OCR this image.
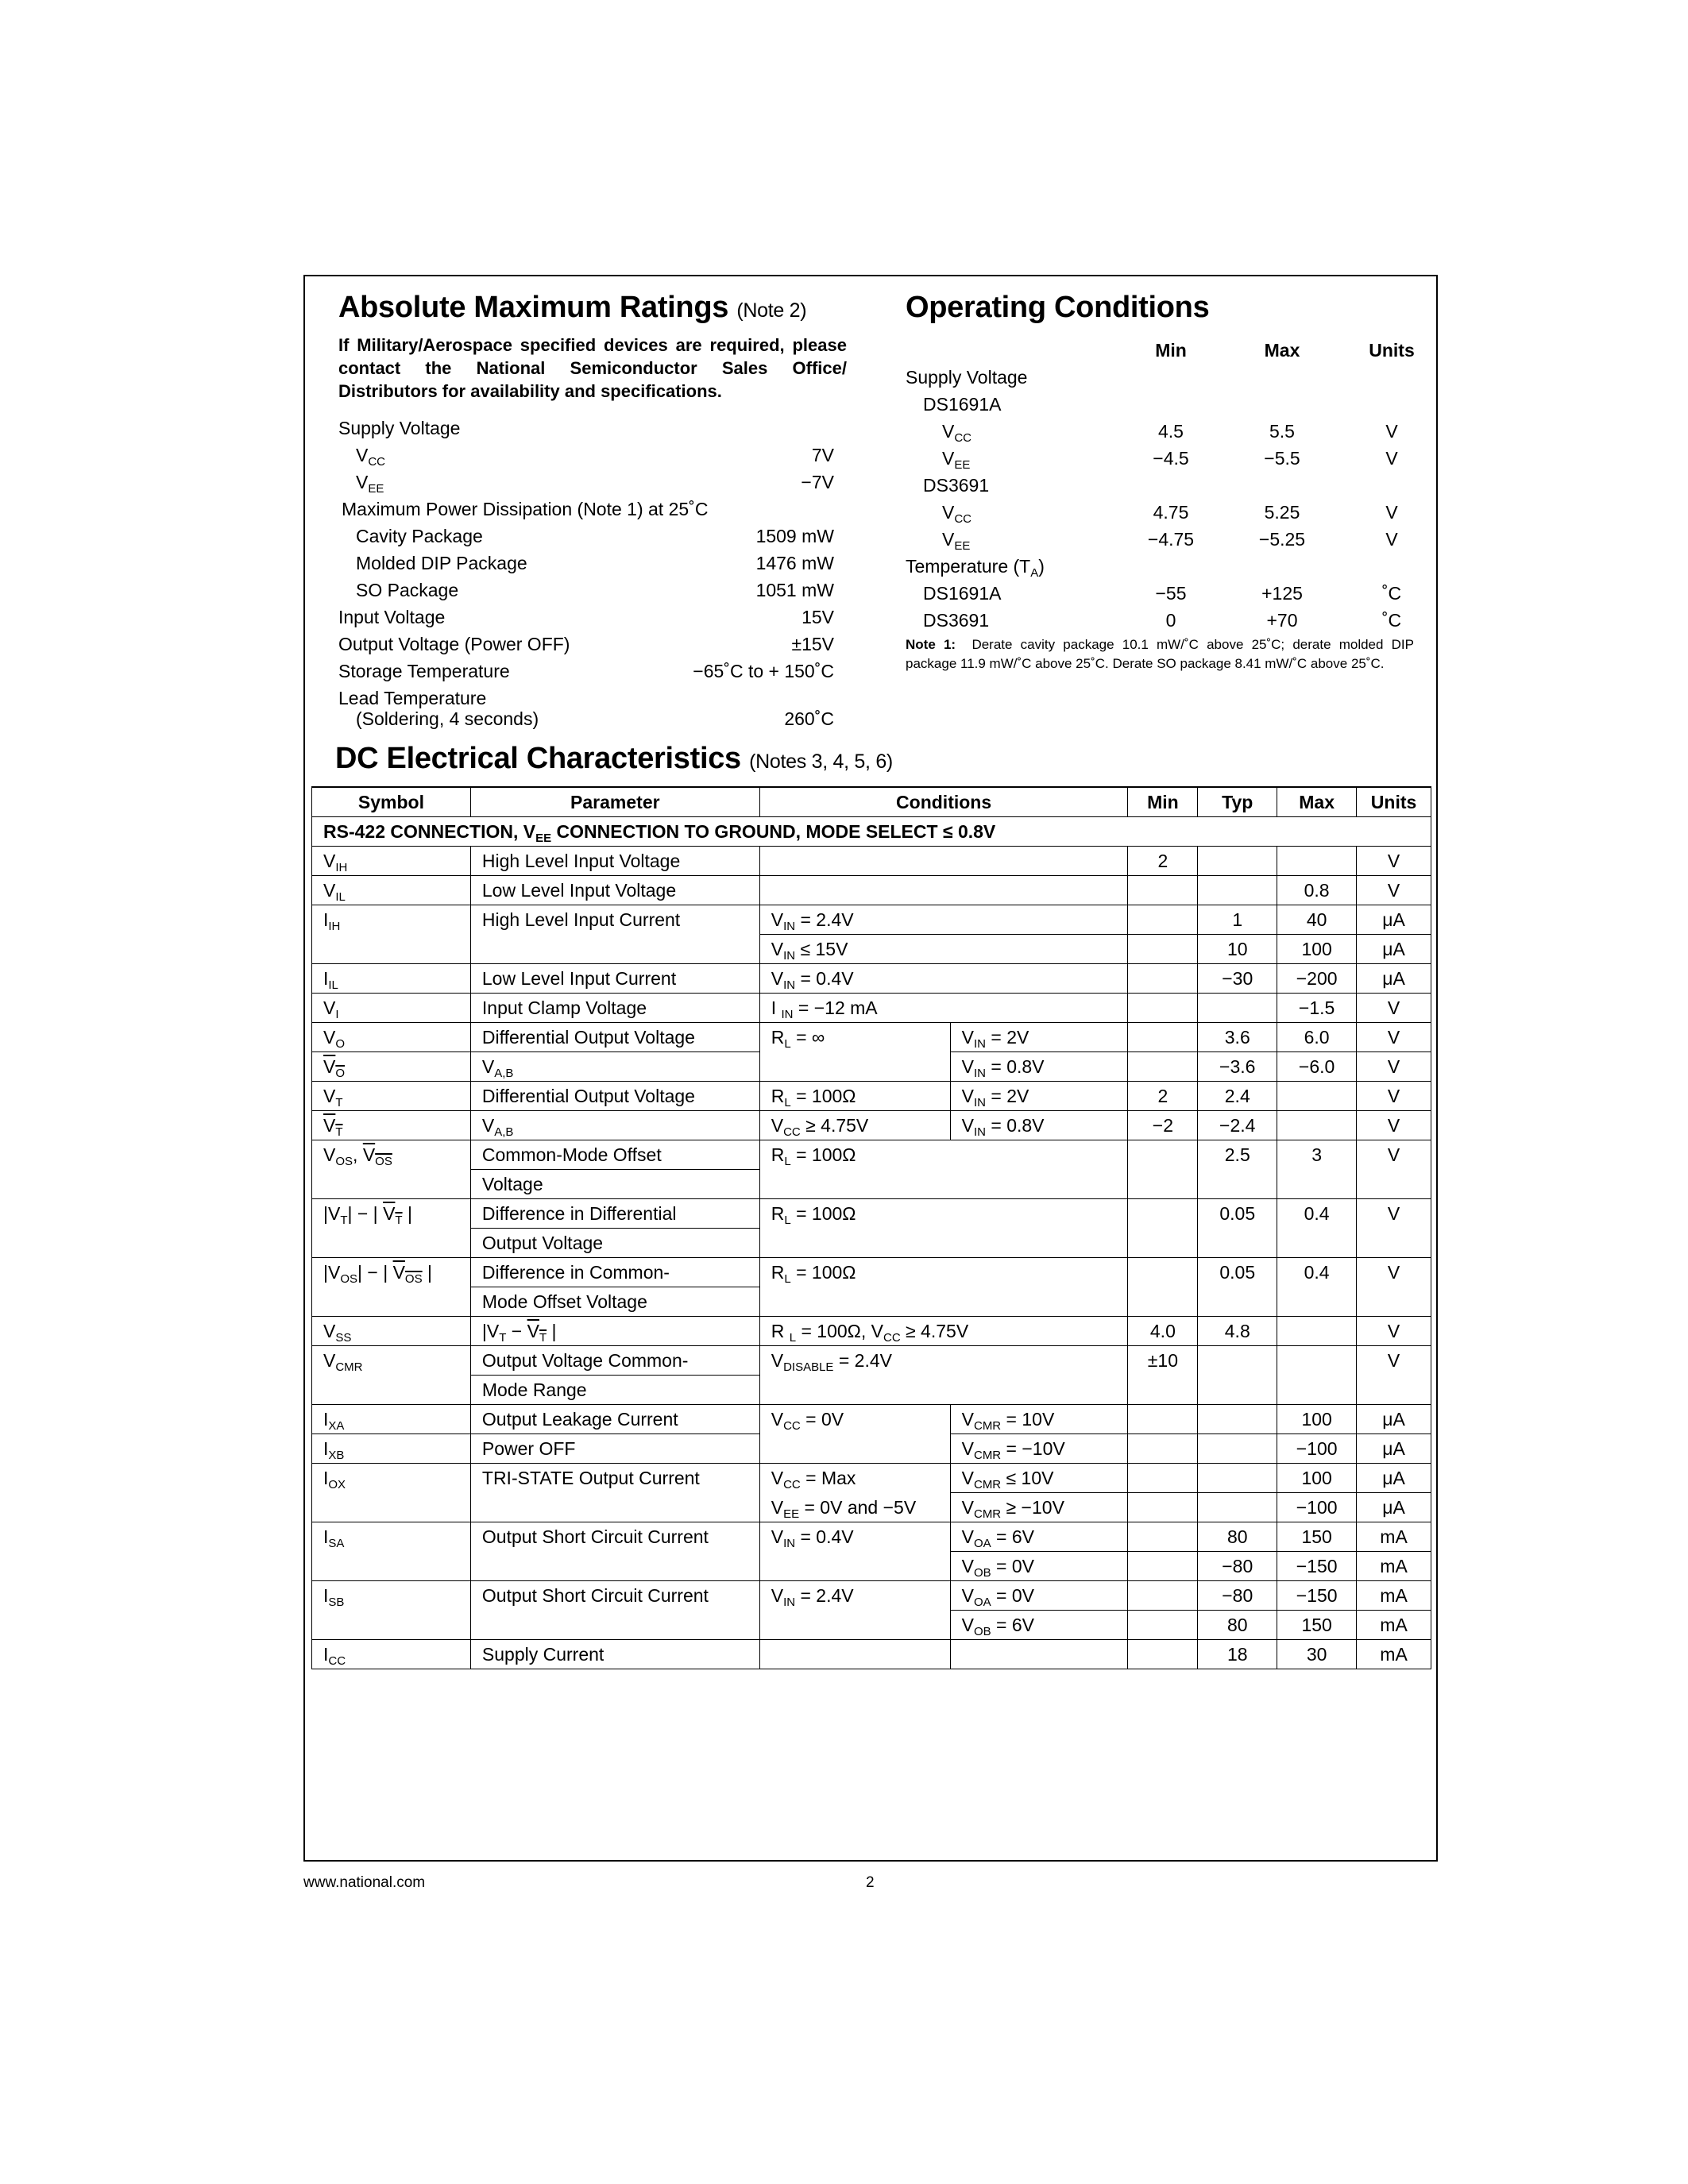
Absolute Maximum Ratings (Note 2)
If Military/Aerospace specified devices are required, please contact the National Semiconductor Sales Office/ Distributors for availability and specifications.
Supply Voltage
$V_{CC}$	7V
$V_{EE}$	−7V
Maximum Power Dissipation (Note 1) at 25˚C
Cavity Package	1509 mW
Molded DIP Package	1476 mW
SO Package	1051 mW
Input Voltage	15V
Output Voltage (Power OFF)	±15V
Storage Temperature	−65˚C to + 150˚C
Lead Temperature
(Soldering, 4 seconds)	260˚C
Operating Conditions
Min	Max	Units
Supply Voltage
DS1691A
$V_{CC}$	4.5	5.5	V
$V_{EE}$	−4.5	−5.5	V
DS3691
$V_{CC}$	4.75	5.25	V
$V_{EE}$	−4.75	−5.25	V
Temperature $(T_A)$
DS1691A	−55	+125	˚C
DS3691	0	+70	˚C
Note 1: Derate cavity package 10.1 mW/˚C above 25˚C; derate molded DIP package 11.9 mW/˚C above 25˚C. Derate SO package 8.41 mW/˚C above 25˚C.
DC Electrical Characteristics (Notes 3, 4, 5, 6)
Symbol	Parameter	Conditions		Min	Typ	Max	Units
RS-422 CONNECTION, $V_{EE}$ CONNECTION TO GROUND, MODE SELECT ≤ 0.8V							
$V_{IH}$	High Level Input Voltage			2			V
$V_{IL}$	Low Level Input Voltage					0.8	V
$I_{IH}$	High Level Input Current	$V_{IN} = 2.4V$			1	40	μA
		$V_{IN} \le 15V$			10	100	μA
$I_{IL}$	Low Level Input Current	$V_{IN} = 0.4V$			−30	−200	μA
$V_I$	Input Clamp Voltage	I $_{IN}$ = −12 mA				−1.5	V
$V_O$	Differential Output Voltage	$R_L$ = ∞	$V_{IN} = 2V$		3.6	6.0	V
$V_O$	$V_{A,B}$		$V_{IN} = 0.8V$		−3.6	−6.0	V
$V_T$	Differential Output Voltage	$R_L = 100\Omega$	$V_{IN} = 2V$	2	2.4		V
$V_T$	$V_{A,B}$	$V_{CC} \ge 4.75V$	$V_{IN} = 0.8V$	−2	−2.4		V
$V_{OS}$, $V_{OS}$	Common-Mode Offset	$R_L = 100\Omega$			2.5	3	V
	Voltage						
$|V_T|$ − | $V_T$ |	Difference in Differential	$R_L = 100\Omega$			0.05	0.4	V
	Output Voltage						
$|V_{OS}|$ − | $V_{OS}$ |	Difference in Common-	$R_L = 100\Omega$			0.05	0.4	V
	Mode Offset Voltage						
$V_{SS}$	$|V_T - V_T$ |	R $_L$ = 100Ω, $V_{CC} \ge 4.75V$		4.0	4.8		V
$V_{CMR}$	Output Voltage Common-	$V_{DISABLE} = 2.4V$		±10			V
	Mode Range						
$I_{XA}$	Output Leakage Current	$V_{CC} = 0V$	$V_{CMR} = 10V$			100	μA
$I_{XB}$	Power OFF		$V_{CMR} = -10V$			−100	μA
$I_{OX}$	TRI-STATE Output Current	$V_{CC}$ = Max	$V_{CMR} \le 10V$			100	μA
		$V_{EE} = 0V$ and −5V	$V_{CMR} \ge -10V$			−100	μA
$I_{SA}$	Output Short Circuit Current	$V_{IN} = 0.4V$	$V_{OA} = 6V$		80	150	mA
			$V_{OB} = 0V$		−80	−150	mA
$I_{SB}$	Output Short Circuit Current	$V_{IN} = 2.4V$	$V_{OA} = 0V$		−80	−150	mA
			$V_{OB} = 6V$		80	150	mA
$I_{CC}$	Supply Current				18	30	mA
www.national.com	2
